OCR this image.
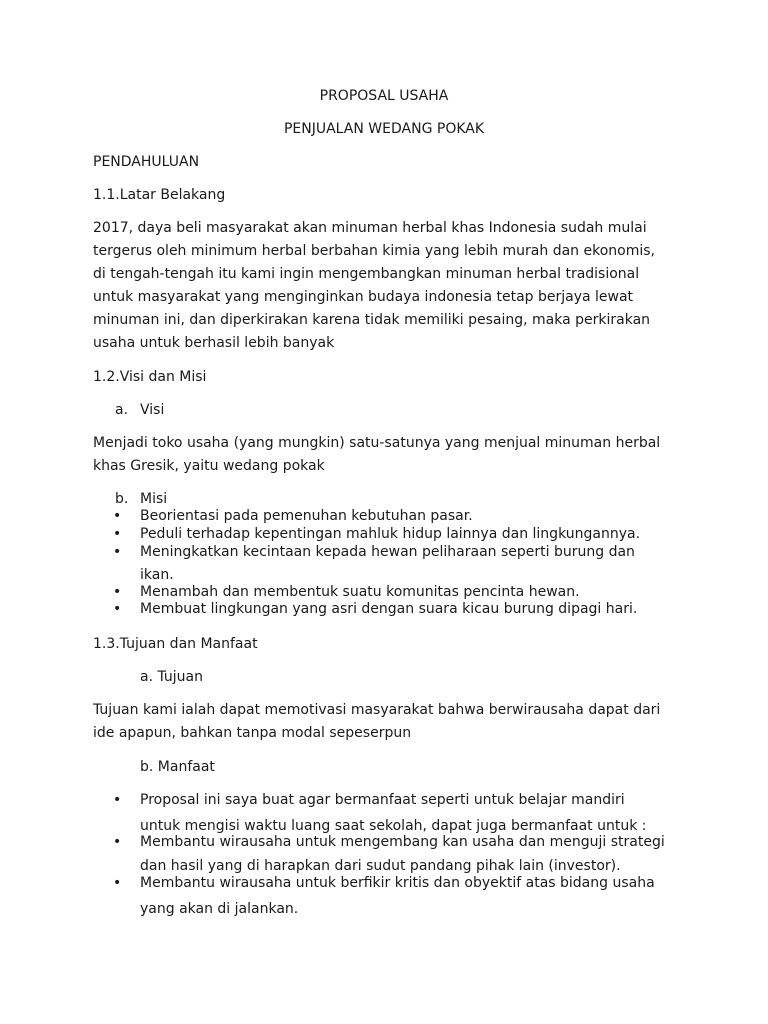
PROPOSAL USAHA

PENJUALAN WEDANG POKAK

PENDAHULUAN

1.1.Latar Belakang

2017, daya beli masyarakat akan minuman herbal khas Indonesia sudah mulai

tergerus oleh minimum herbal berbahan kimia yang lebih murah dan ekonomis,

di tengah-tengah itu kami ingin mengembangkan minuman herbal tradisional

untuk masyarakat yang menginginkan budaya indonesia tetap berjaya lewat

minuman ini, dan diperkirakan karena tidak memiliki pesaing, maka perkirakan

usaha untuk berhasil lebih banyak

1.2.Visi dan Misi

a. Visi

Menjadi toko usaha (yang mungkin) satu-satunya yang menjual minuman herbal

khas Gresik, yaitu wedang pokak

b. Misi

• Beorientasi pada pemenuhan kebutuhan pasar.

• Peduli terhadap kepentingan mahluk hidup lainnya dan lingkungannya.

• Meningkatkan kecintaan kepada hewan peliharaan seperti burung dan

ikan.

• Menambah dan membentuk suatu komunitas pencinta hewan.

• Membuat lingkungan yang asri dengan suara kicau burung dipagi hari.

1.3.Tujuan dan Manfaat

a. Tujuan

Tujuan kami ialah dapat memotivasi masyarakat bahwa berwirausaha dapat dari

ide apapun, bahkan tanpa modal sepeserpun

b. Manfaat

• Proposal ini saya buat agar bermanfaat seperti untuk belajar mandiri

untuk mengisi waktu luang saat sekolah, dapat juga bermanfaat untuk :

• Membantu wirausaha untuk mengembang kan usaha dan menguji strategi

dan hasil yang di harapkan dari sudut pandang pihak lain (investor).

• Membantu wirausaha untuk berfikir kritis dan obyektif atas bidang usaha

yang akan di jalankan.
